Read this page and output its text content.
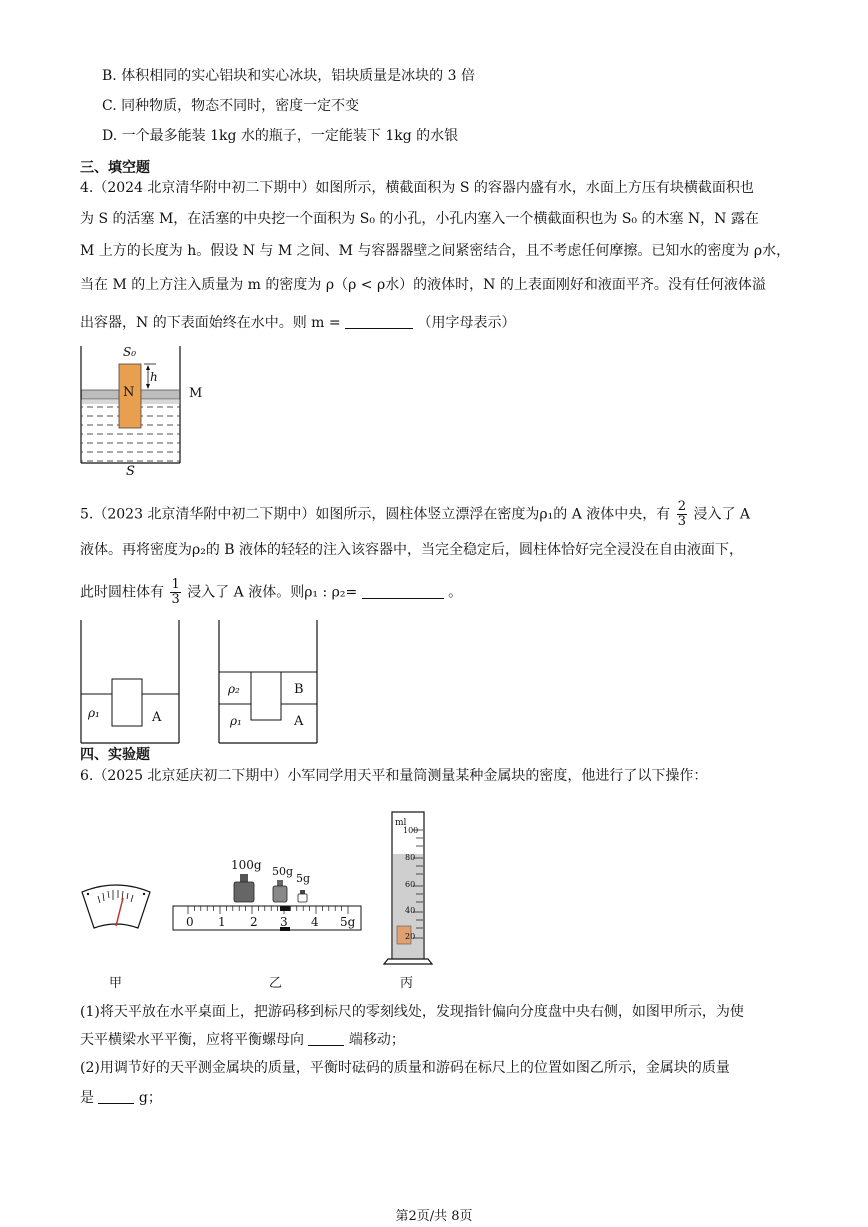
B. 体积相同的实心铝块和实心冰块，铝块质量是冰块的 3 倍
C. 同种物质，物态不同时，密度一定不变
D. 一个最多能装 1kg 水的瓶子，一定能装下 1kg 的水银
三、填空题
4.（2024 北京清华附中初二下期中）如图所示，横截面积为 S 的容器内盛有水，水面上方压有块横截面积也
为 S 的活塞 M，在活塞的中央挖一个面积为 S₀ 的小孔，小孔内塞入一个横截面积也为 S₀ 的木塞 N，N 露在
M 上方的长度为 h。假设 N 与 M 之间、M 与容器器壁之间紧密结合，且不考虑任何摩擦。已知水的密度为 ρ水，
当在 M 的上方注入质量为 m 的密度为 ρ（ρ < ρ水）的液体时，N 的上表面刚好和液面平齐。没有任何液体溢
出容器，N 的下表面始终在水中。则 m =	（用字母表示）
S₀
h
N	M
S
5.（2023 北京清华附中初二下期中）如图所示，圆柱体竖立漂浮在密度为ρ₁的 A 液体中央，有 $\frac{2}{3}$ 浸入了 A
液体。再将密度为ρ₂的 B 液体的轻轻的注入该容器中，当完全稳定后，圆柱体恰好完全浸没在自由液面下，
此时圆柱体有 $\frac{1}{3}$ 浸入了 A 液体。则ρ₁ : ρ₂=	。
ρ₁	A
ρ₂	B
ρ₁	A
四、实验题
6.（2025 北京延庆初二下期中）小军同学用天平和量筒测量某种金属块的密度，他进行了以下操作：
100g 50g
5g
0 1 2 3 4 5g
ml
100
80
60
40
20
甲	乙	丙
(1)将天平放在水平桌面上，把游码移到标尺的零刻线处，发现指针偏向分度盘中央右侧，如图甲所示，为使
天平横梁水平平衡，应将平衡螺母向	端移动；
(2)用调节好的天平测金属块的质量，平衡时砝码的质量和游码在标尺上的位置如图乙所示，金属块的质量
是	g；
第2页/共 8页
